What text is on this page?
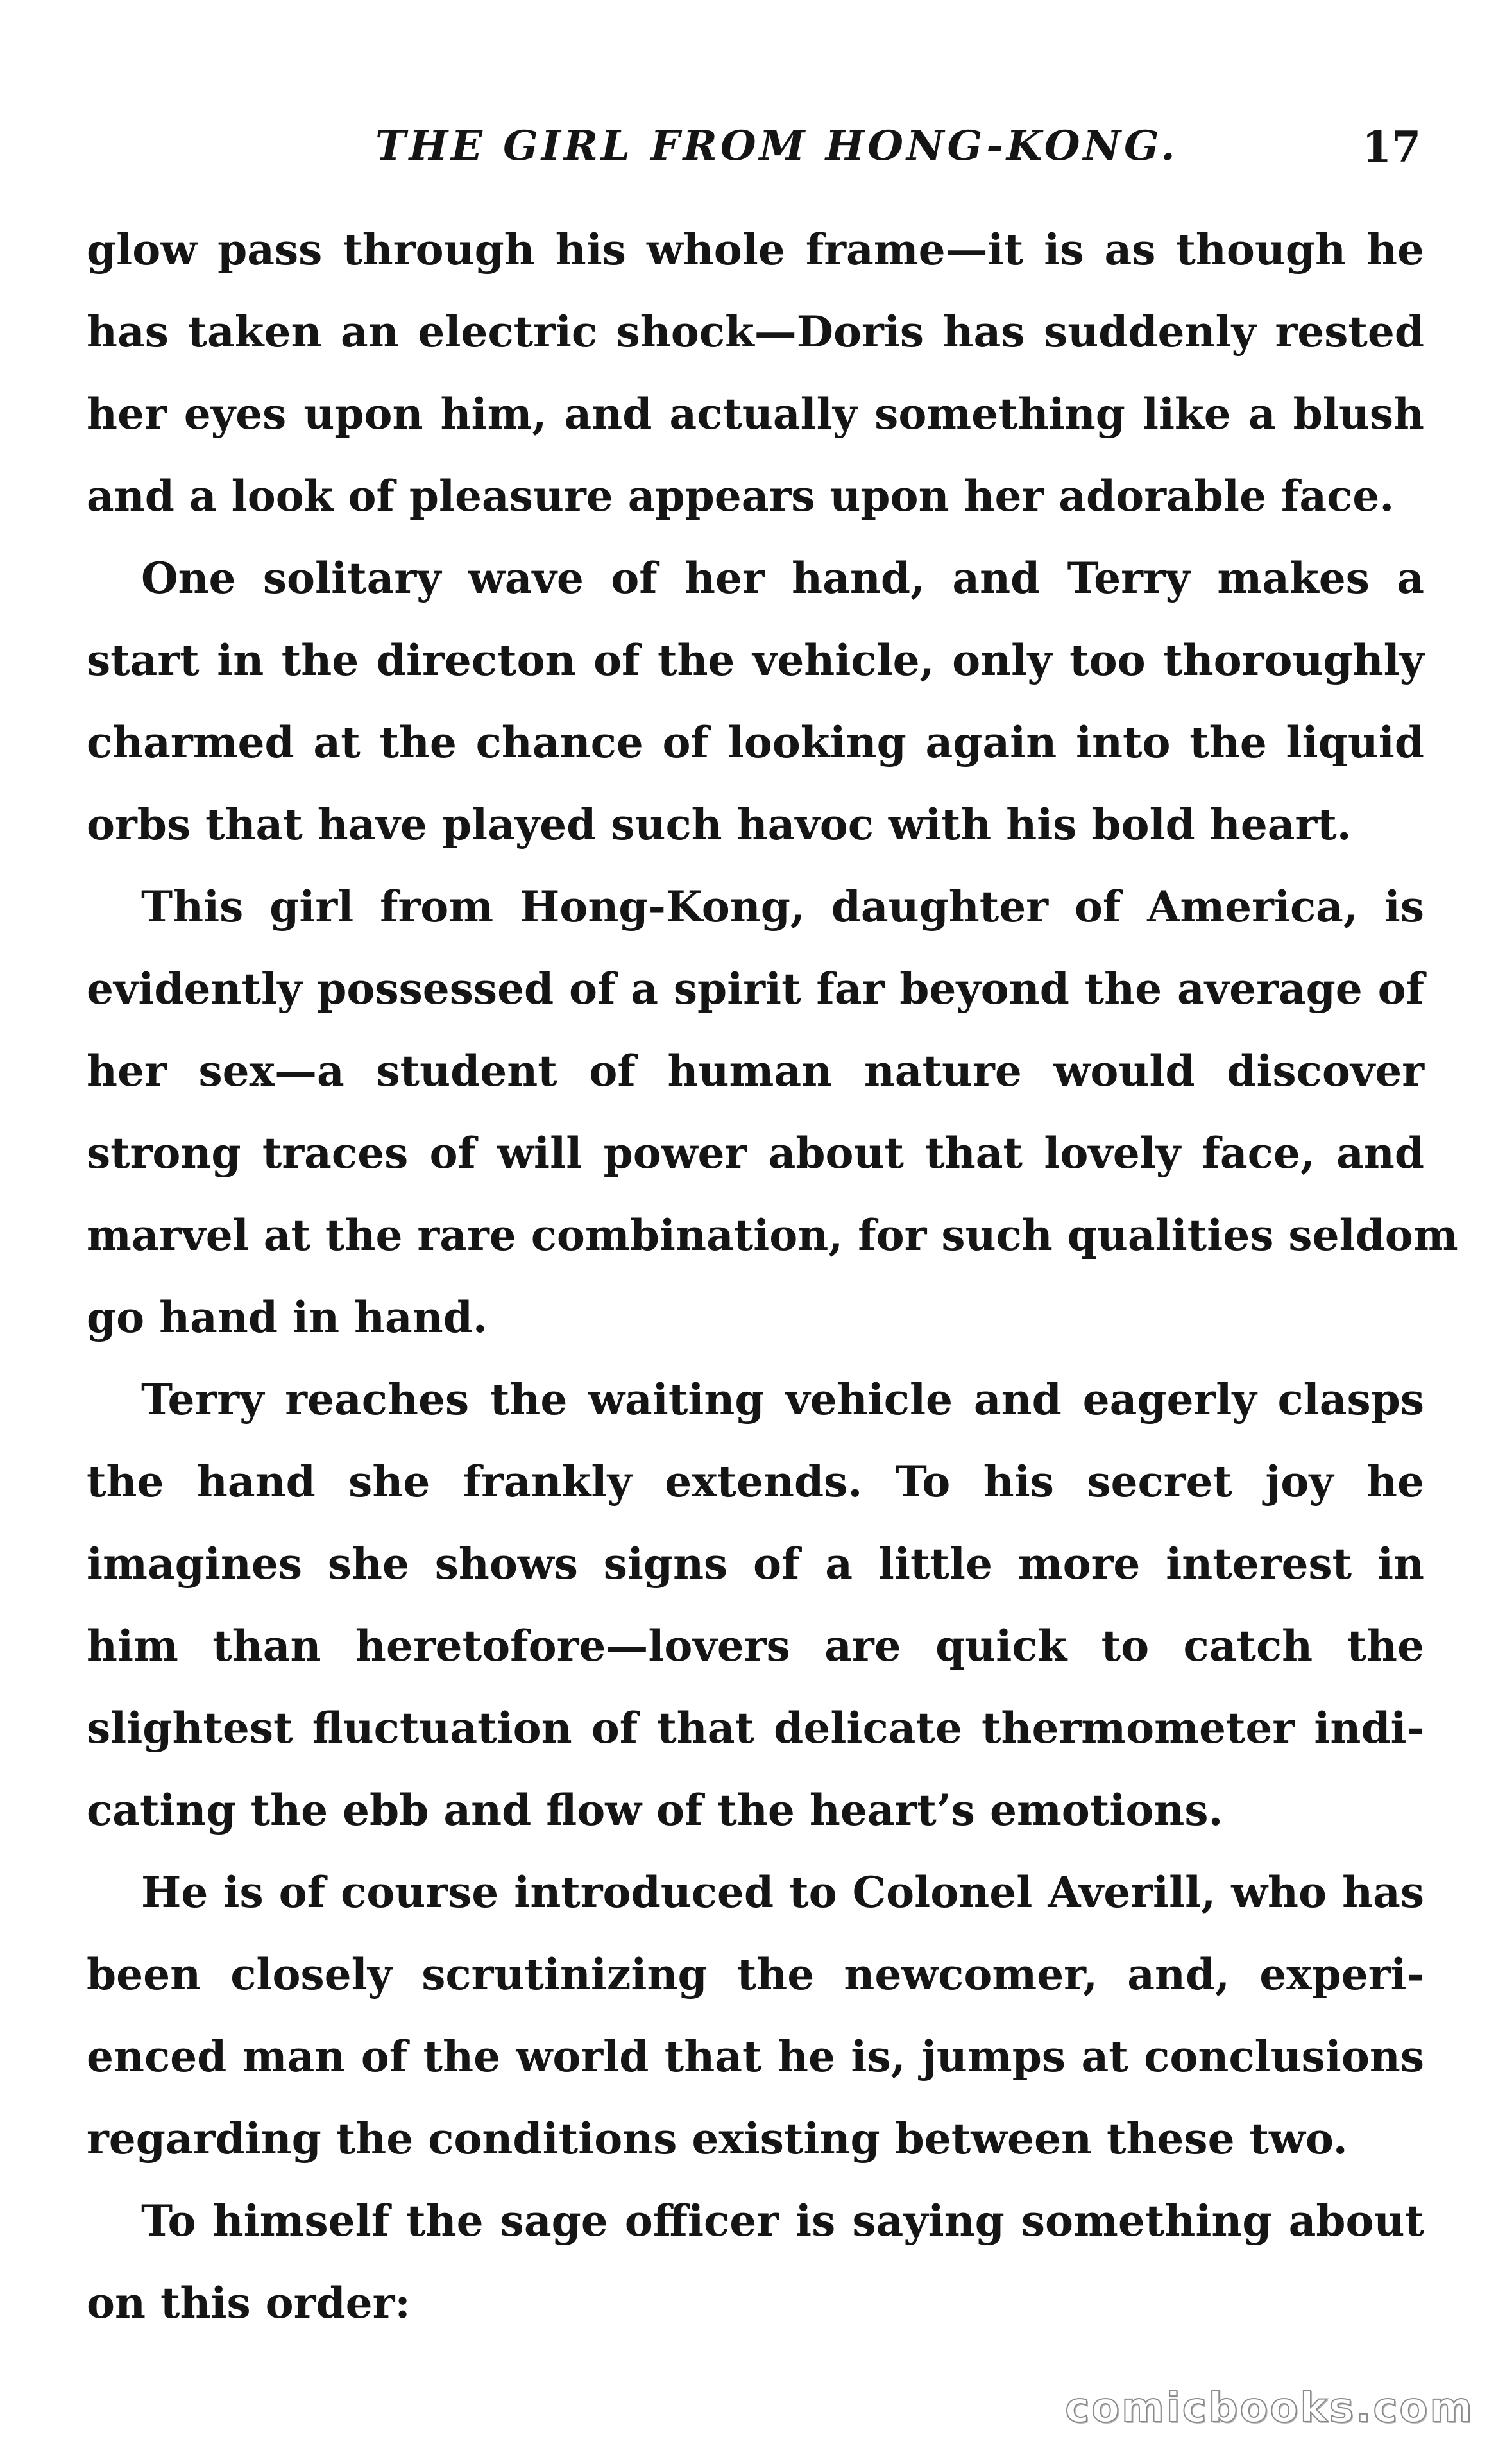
THE GIRL FROM HONG-KONG.	17
glow pass through his whole frame—it is as though he
has taken an electric shock—Doris has suddenly rested
her eyes upon him, and actually something like a blush
and a look of pleasure appears upon her adorable face.
One solitary wave of her hand, and Terry makes a
start in the directon of the vehicle, only too thoroughly
charmed at the chance of looking again into the liquid
orbs that have played such havoc with his bold heart.
This girl from Hong-Kong, daughter of America, is
evidently possessed of a spirit far beyond the average of
her sex—a student of human nature would discover
strong traces of will power about that lovely face, and
marvel at the rare combination, for such qualities seldom
go hand in hand.
Terry reaches the waiting vehicle and eagerly clasps
the hand she frankly extends. To his secret joy he
imagines she shows signs of a little more interest in
him than heretofore—lovers are quick to catch the
slightest fluctuation of that delicate thermometer indi-
cating the ebb and flow of the heart’s emotions.
He is of course introduced to Colonel Averill, who has
been closely scrutinizing the newcomer, and, experi-
enced man of the world that he is, jumps at conclusions
regarding the conditions existing between these two.
To himself the sage officer is saying something about
on this order:
comicbooks.com
